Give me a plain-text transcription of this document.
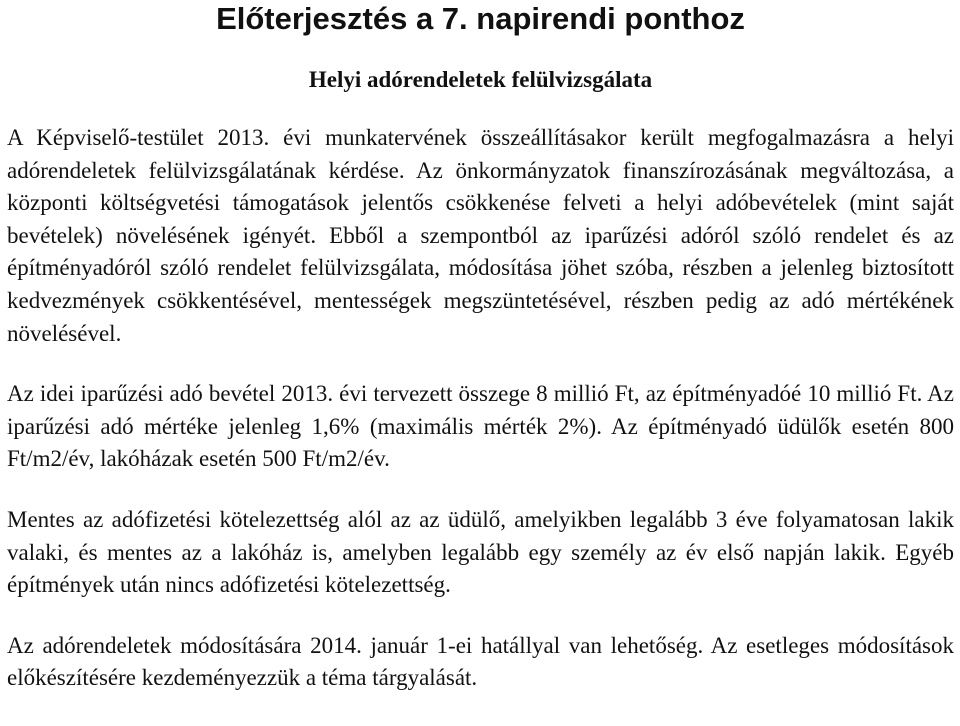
Előterjesztés a 7. napirendi ponthoz
Helyi adórendeletek felülvizsgálata

A Képviselő-testület 2013. évi munkatervének összeállításakor került megfogalmazásra a helyi adórendeletek felülvizsgálatának kérdése. Az önkormányzatok finanszírozásának megváltozása, a központi költségvetési támogatások jelentős csökkenése felveti a helyi adóbevételek (mint saját bevételek) növelésének igényét. Ebből a szempontból az iparűzési adóról szóló rendelet és az építményadóról szóló rendelet felülvizsgálata, módosítása jöhet szóba, részben a jelenleg biztosított kedvezmények csökkentésével, mentességek megszüntetésével, részben pedig az adó mértékének növelésével.

Az idei iparűzési adó bevétel 2013. évi tervezett összege 8 millió Ft, az építményadóé 10 millió Ft. Az iparűzési adó mértéke jelenleg 1,6% (maximális mérték 2%). Az építményadó üdülők esetén 800 Ft/m2/év, lakóházak esetén 500 Ft/m2/év.

Mentes az adófizetési kötelezettség alól az az üdülő, amelyikben legalább 3 éve folyamatosan lakik valaki, és mentes az a lakóház is, amelyben legalább egy személy az év első napján lakik. Egyéb építmények után nincs adófizetési kötelezettség.

Az adórendeletek módosítására 2014. január 1-ei hatállyal van lehetőség. Az esetleges módosítások előkészítésére kezdeményezzük a téma tárgyalását.
